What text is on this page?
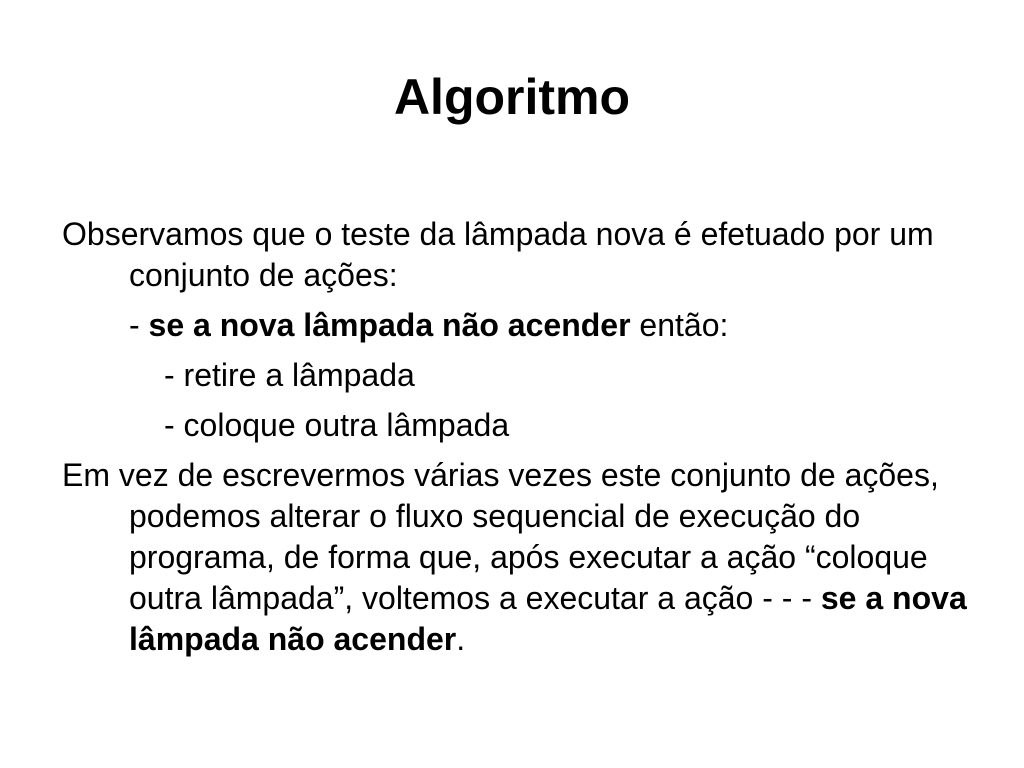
Algoritmo

Observamos que o teste da lâmpada nova é efetuado por um conjunto de ações:

- se a nova lâmpada não acender então:

- retire a lâmpada

- coloque outra lâmpada

Em vez de escrevermos várias vezes este conjunto de ações, podemos alterar o fluxo sequencial de execução do programa, de forma que, após executar a ação “coloque outra lâmpada”, voltemos a executar a ação - - - se a nova lâmpada não acender.
